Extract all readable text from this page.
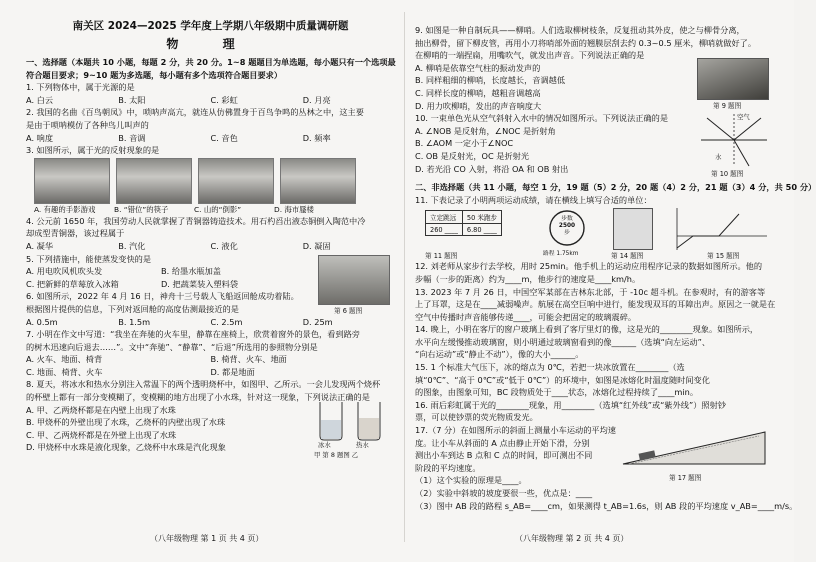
南关区 2024—2025 学年度上学期八年级期中质量调研题
物 理
一、选择题（本题共 10 小题，每题 2 分，共 20 分。1~8 题题目为单选题，每小题只有一个选项最
符合题目要求；9~10 题为多选题，每小题有多个选项符合题目要求）
1. 下列物体中，属于光源的是
A. 白云	B. 太阳	C. 彩虹	D. 月亮
2. 我国的名曲《百鸟朝凤》中，唢呐声高亢，就连从仿佛置身于百鸟争鸣的丛林之中，这主要
是由于唢呐模仿了各种鸟儿叫声的
A. 响度	B. 音调	C. 音色	D. 频率
3. 如图所示，属于光的反射现象的是
A. 有趣的手影游戏	B. “错位”的筷子	C. 山的“倒影”	D. 海市蜃楼
4. 公元前 1650 年，我国劳动人民就掌握了青铜器铸造技术。用石杓舀出液态铜倒入陶范中冷
却成型青铜器，该过程属于
A. 凝华	B. 汽化	C. 液化	D. 凝固
5. 下列措施中，能使蒸发变快的是
A. 用电吹风机吹头发	B. 给墨水瓶加盖
C. 把新鲜的草莓放入冰箱	D. 把蔬菜装入塑料袋
6. 如图所示，2022 年 4 月 16 日，神舟十三号载人飞船返回舱成功着陆。
根据图片提供的信息，下列对返回舱的高度估测最接近的是	第 6 题图
A. 0.5m	B. 1.5m	C. 2.5m	D. 25m
7. 小明在作文中写道：“我坐在奔驰的火车里，静靠在座椅上，欣赏着窗外的景色，看到路旁
的树木迅速向后退去……”。文中“奔驰”、“静靠”、“后退”所选用的参照物分别是
A. 火车、地面、椅背	B. 椅背、火车、地面
C. 地面、椅背、火车	D. 都是地面
8. 夏天，将冰水和热水分别注入常温下的两个透明烧杯中，如图甲、乙所示。一会儿发现两个烧杯
的杯壁上都有一部分变模糊了，变模糊的地方出现了小水珠，针对这一现象，下列说法正确的是
A. 甲、乙两烧杯都是在内壁上出现了水珠
B. 甲烧杯的外壁出现了水珠，乙烧杯的内壁出现了水珠
C. 甲、乙两烧杯都是在外壁上出现了水珠
D. 甲烧杯中水珠是液化现象，乙烧杯中水珠是汽化现象	冰水	热水
甲 第 8 题图 乙
（八年级物理 第 1 页 共 4 页）
9. 如图是一种自制玩具——柳哨。人们选取柳树枝条，反复扭动其外皮，使之与柳骨分离，
抽出柳骨，留下柳皮管，再用小刀将哨部外面的翘膜层刮去约 0.3~0.5 厘米，柳哨就做好了。
在柳哨的一端捏扁，用嘴吹气，就发出声音。下列说法正确的是
A. 柳哨是依靠空气柱的振动发声的
B. 同样粗细的柳哨，长度越长，音调越低
C. 同样长度的柳哨，越粗音调越高
D. 用力吹柳哨，发出的声音响度大	第 9 题图
10. 一束单色光从空气斜射入水中的情况如图所示。下列说法正确的是
A. ∠NOB 是反射角，∠NOC 是折射角
B. ∠AOM 一定小于∠NOC
C. OB 是反射光，OC 是折射光
D. 若光沿 CO 入射，将沿 OA 和 OB 射出
空气
水
第 10 题图
二、非选择题（共 11 小题，每空 1 分，19 题（5）2 分，20 题（4）2 分，21 题（3）4 分，共 50 分）
11. 下表记录了小明两项运动成绩，请在横线上填写合适的单位：
立定跳远	50 米跑步
260 ____	6.80 ____
步数
2500
步
路程 1.75km
第 11 题图	第 14 题图	第 15 题图
12. 刘老师从家步行去学校，用时 25min。他手机上的运动应用程序记录的数据如图所示。他的
步幅（一步的距离）约为____m，他步行的速度是____km/h。
13. 2023 年 7 月 26 日，中国空军某部在吉林东北部，于 -10c 超斗机。在参观时，有的游客等
上了耳罩，这是在____减弱噪声。航展在高空巨响中进行，能发现双耳的耳障出声。原因之一就是在
空气中传播时声音能够传递____，可能会把固定的玻璃震碎。
14. 晚上，小明在客厅的窗户玻璃上看到了客厅里灯的像，这是光的________现象。如图所示，
水平向左缓慢推动玻璃窗，则小明通过玻璃窗看到的像______（选填“向左运动”、
“向右运动”或“静止不动”），像的大小______。
15. 1 个标准大气压下，冰的熔点为 0℃，若把一块冰放置在________（选
填“0℃”、“高于 0℃”或“低于 0℃”）的环境中，如图是冰熔化时温度随时间变化
的图象，由图象可知，BC 段物质处于____状态，冰熔化过程持续了____min。
16. 雨后彩虹属于光的________现象，用________（选填“红外线”或“紫外线”）照射钞
票，可以使钞票的荧光物质发光。
17.（7 分）在如图所示的斜面上测量小车运动的平均速
度。让小车从斜面的 A 点由静止开始下滑，分别
测出小车到达 B 点和 C 点的时间，即可测出不同
阶段的平均速度。
第 17 题图
（1）这个实验的原理是____。
（2）实验中斜坡的坡度要很一些，优点是：____
（3）图中 AB 段的路程 s_AB=____cm，如果测得 t_AB=1.6s，则 AB 段的平均速度 v_AB=____m/s。
（八年级物理 第 2 页 共 4 页）
